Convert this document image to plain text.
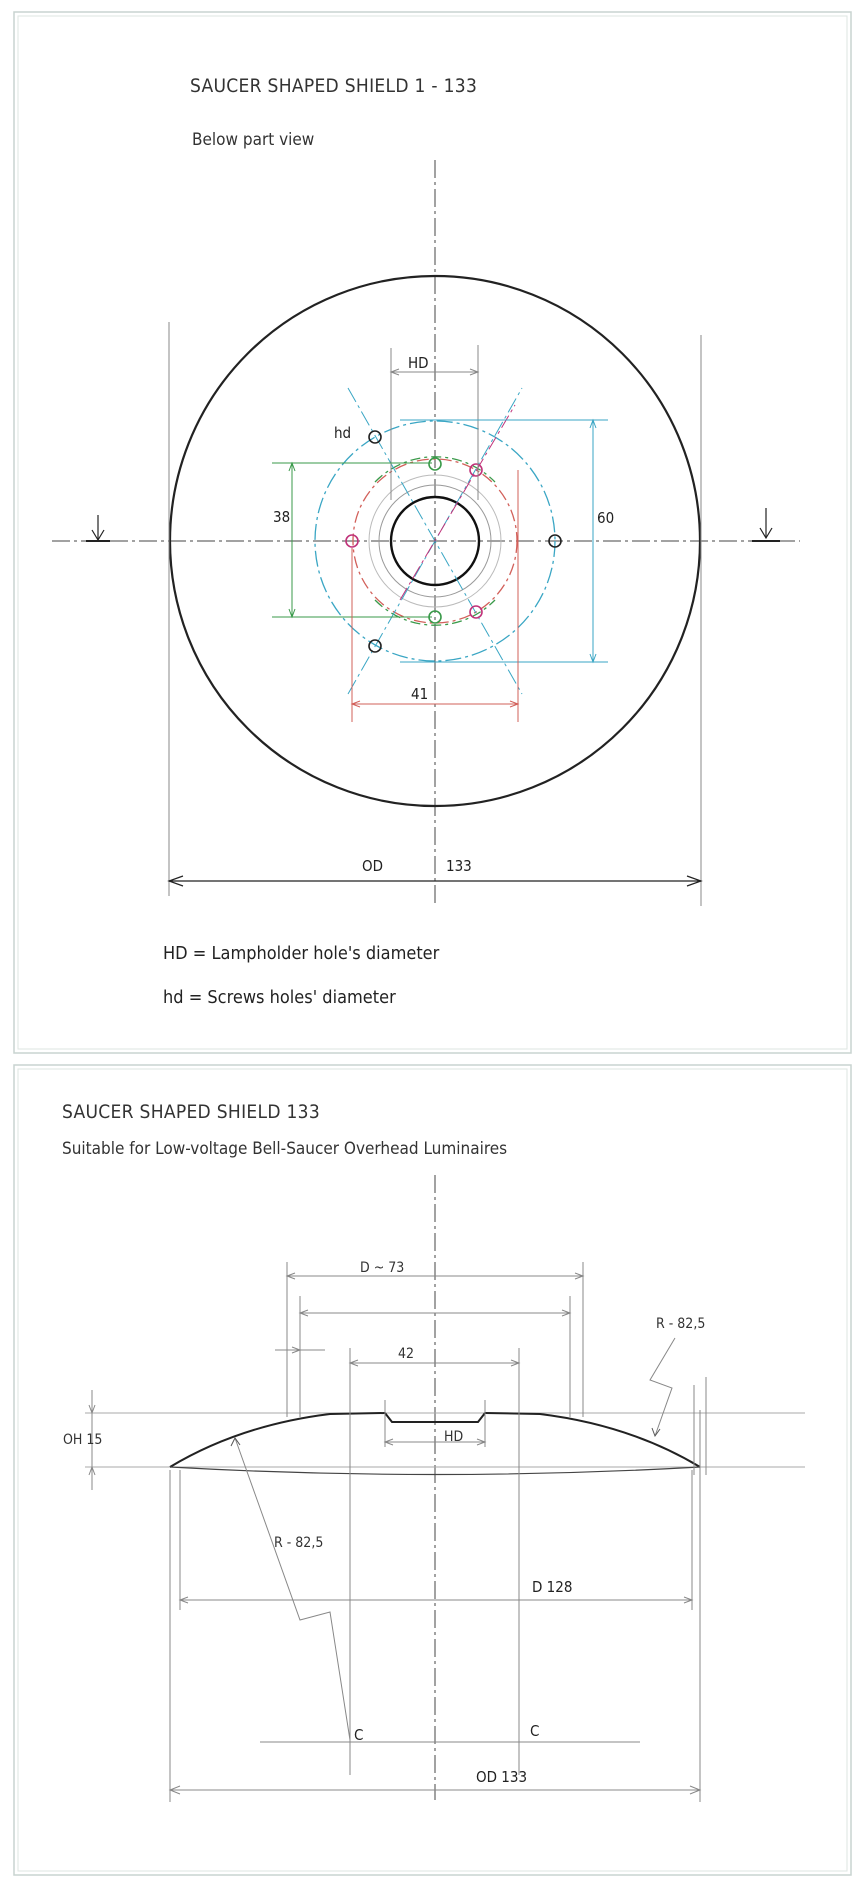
SAUCER SHAPED SHIELD 1 - 133
Below part view
HD
hd
60
38
41
OD	133
HD = Lampholder hole's diameter
hd = Screws holes' diameter
SAUCER SHAPED SHIELD 133
Suitable for Low-voltage Bell-Saucer Overhead Luminaires
D ~ 73
42
HD
OH 15
R - 82,5
R - 82,5
D 128
C	C
OD 133
